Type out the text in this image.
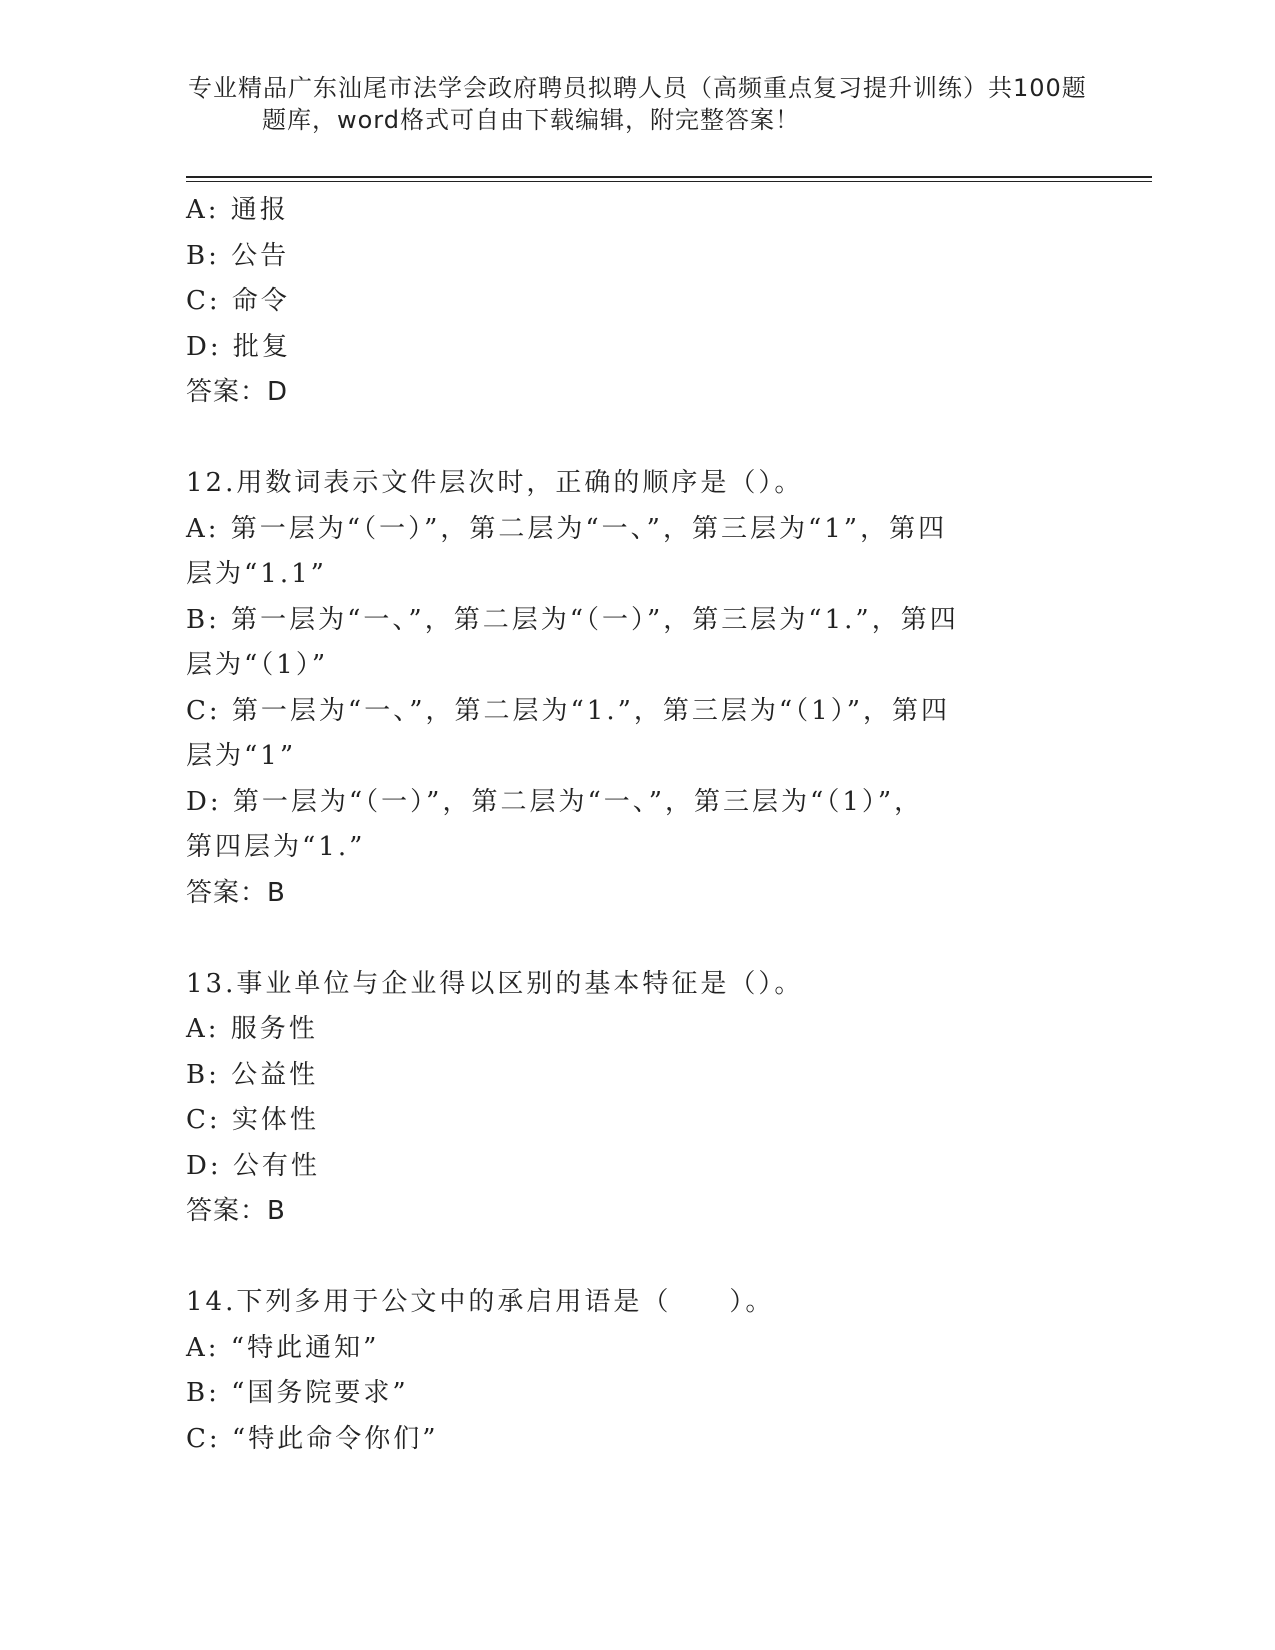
专业精品广东汕尾市法学会政府聘员拟聘人员（高频重点复习提升训练）共100题
题库，word格式可自由下载编辑，附完整答案！
A: 通报
B: 公告
C: 命令
D: 批复
答案：D
12.用数词表示文件层次时，正确的顺序是（）。
A: 第一层为“（一）”，第二层为“一、”，第三层为“1”，第四
层为“1.1”
B: 第一层为“一、”，第二层为“（一）”，第三层为“1.”，第四
层为“（1）”
C: 第一层为“一、”，第二层为“1.”，第三层为“（1）”，第四
层为“1”
D: 第一层为“（一）”，第二层为“一、”，第三层为“（1）”，
第四层为“1.”
答案：B
13.事业单位与企业得以区别的基本特征是（）。
A: 服务性
B: 公益性
C: 实体性
D: 公有性
答案：B
14.下列多用于公文中的承启用语是（　　）。
A: “特此通知”
B: “国务院要求”
C: “特此命令你们”
